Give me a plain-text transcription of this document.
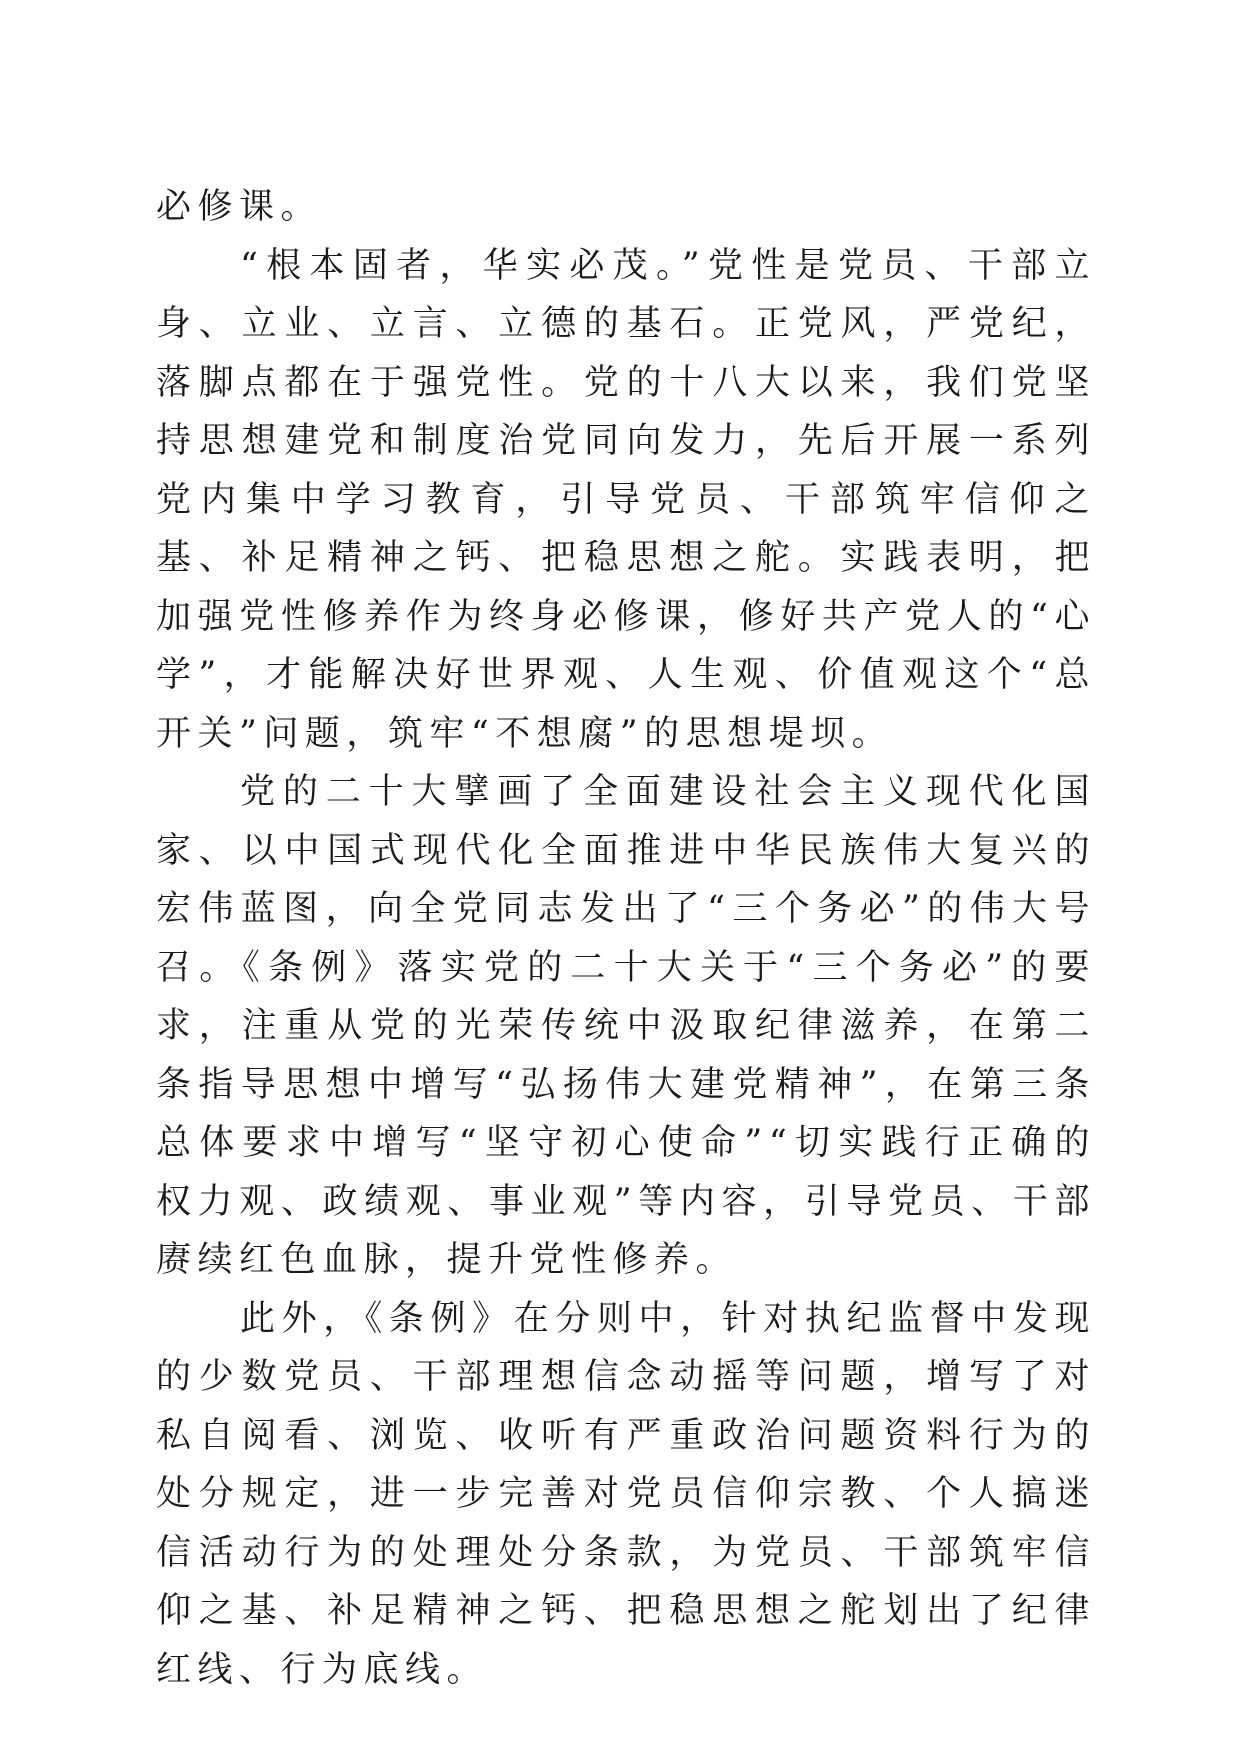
必修课。

“根本固者，华实必茂。”党性是党员、干部立身、立业、立言、立德的基石。正党风，严党纪，落脚点都在于强党性。党的十八大以来，我们党坚持思想建党和制度治党同向发力，先后开展一系列党内集中学习教育，引导党员、干部筑牢信仰之基、补足精神之钙、把稳思想之舵。实践表明，把加强党性修养作为终身必修课，修好共产党人的“心学”，才能解决好世界观、人生观、价值观这个“总开关”问题，筑牢“不想腐”的思想堤坝。

党的二十大擘画了全面建设社会主义现代化国家、以中国式现代化全面推进中华民族伟大复兴的宏伟蓝图，向全党同志发出了“三个务必”的伟大号召。《条例》落实党的二十大关于“三个务必”的要求，注重从党的光荣传统中汲取纪律滋养，在第二条指导思想中增写“弘扬伟大建党精神”，在第三条总体要求中增写“坚守初心使命”“切实践行正确的权力观、政绩观、事业观”等内容，引导党员、干部赓续红色血脉，提升党性修养。

此外，《条例》在分则中，针对执纪监督中发现的少数党员、干部理想信念动摇等问题，增写了对私自阅看、浏览、收听有严重政治问题资料行为的处分规定，进一步完善对党员信仰宗教、个人搞迷信活动行为的处理处分条款，为党员、干部筑牢信仰之基、补足精神之钙、把稳思想之舵划出了纪律红线、行为底线。
